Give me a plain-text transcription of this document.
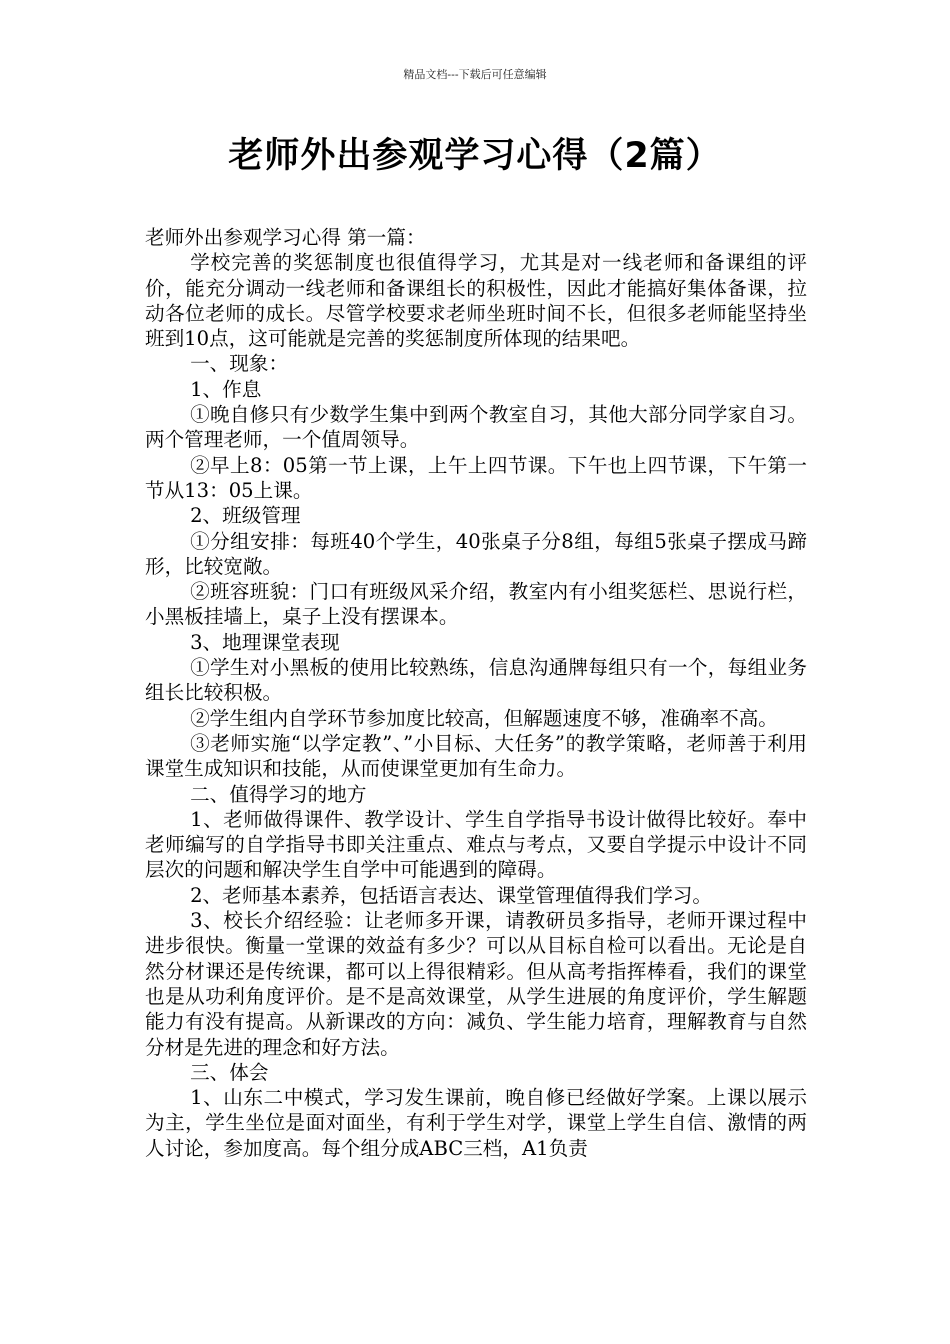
精品文档---下载后可任意编辑
老师外出参观学习心得（2篇）

老师外出参观学习心得 第一篇：

学校完善的奖惩制度也很值得学习，尤其是对一线老师和备课组的评价，能充分调动一线老师和备课组长的积极性，因此才能搞好集体备课，拉动各位老师的成长。尽管学校要求老师坐班时间不长，但很多老师能坚持坐班到10点，这可能就是完善的奖惩制度所体现的结果吧。

一、现象：

1、作息

①晚自修只有少数学生集中到两个教室自习，其他大部分同学家自习。两个管理老师，一个值周领导。

②早上8：05第一节上课，上午上四节课。下午也上四节课，下午第一节从13：05上课。

2、班级管理

①分组安排：每班40个学生，40张桌子分8组，每组5张桌子摆成马蹄形，比较宽敞。

②班容班貌：门口有班级风采介绍，教室内有小组奖惩栏、思说行栏，小黑板挂墙上，桌子上没有摆课本。

3、地理课堂表现

①学生对小黑板的使用比较熟练，信息沟通牌每组只有一个，每组业务组长比较积极。

②学生组内自学环节参加度比较高，但解题速度不够，准确率不高。

③老师实施“以学定教”、”小目标、大任务”的教学策略，老师善于利用课堂生成知识和技能，从而使课堂更加有生命力。

二、值得学习的地方

1、老师做得课件、教学设计、学生自学指导书设计做得比较好。奉中老师编写的自学指导书即关注重点、难点与考点，又要自学提示中设计不同层次的问题和解决学生自学中可能遇到的障碍。

2、老师基本素养，包括语言表达、课堂管理值得我们学习。

3、校长介绍经验：让老师多开课，请教研员多指导，老师开课过程中进步很快。衡量一堂课的效益有多少？可以从目标自检可以看出。无论是自然分材课还是传统课，都可以上得很精彩。但从高考指挥棒看，我们的课堂也是从功利角度评价。是不是高效课堂，从学生进展的角度评价，学生解题能力有没有提高。从新课改的方向：减负、学生能力培育，理解教育与自然分材是先进的理念和好方法。

三、体会

1、山东二中模式，学习发生课前，晚自修已经做好学案。上课以展示为主，学生坐位是面对面坐，有利于学生对学，课堂上学生自信、激情的两人讨论，参加度高。每个组分成ABC三档，A1负责
